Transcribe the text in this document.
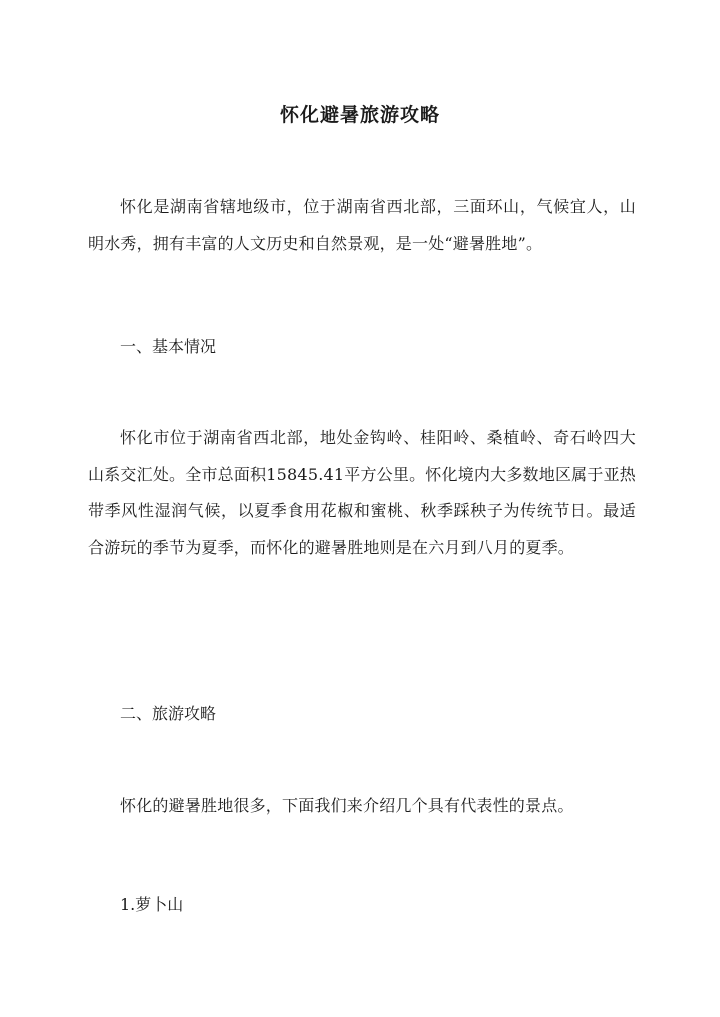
怀化避暑旅游攻略

怀化是湖南省辖地级市，位于湖南省西北部，三面环山，气候宜人，山明水秀，拥有丰富的人文历史和自然景观，是一处“避暑胜地”。

一、基本情况

怀化市位于湖南省西北部，地处金钩岭、桂阳岭、桑植岭、奇石岭四大山系交汇处。全市总面积15845.41平方公里。怀化境内大多数地区属于亚热带季风性湿润气候，以夏季食用花椒和蜜桃、秋季踩秧子为传统节日。最适合游玩的季节为夏季，而怀化的避暑胜地则是在六月到八月的夏季。

二、旅游攻略

怀化的避暑胜地很多，下面我们来介绍几个具有代表性的景点。

1.萝卜山
